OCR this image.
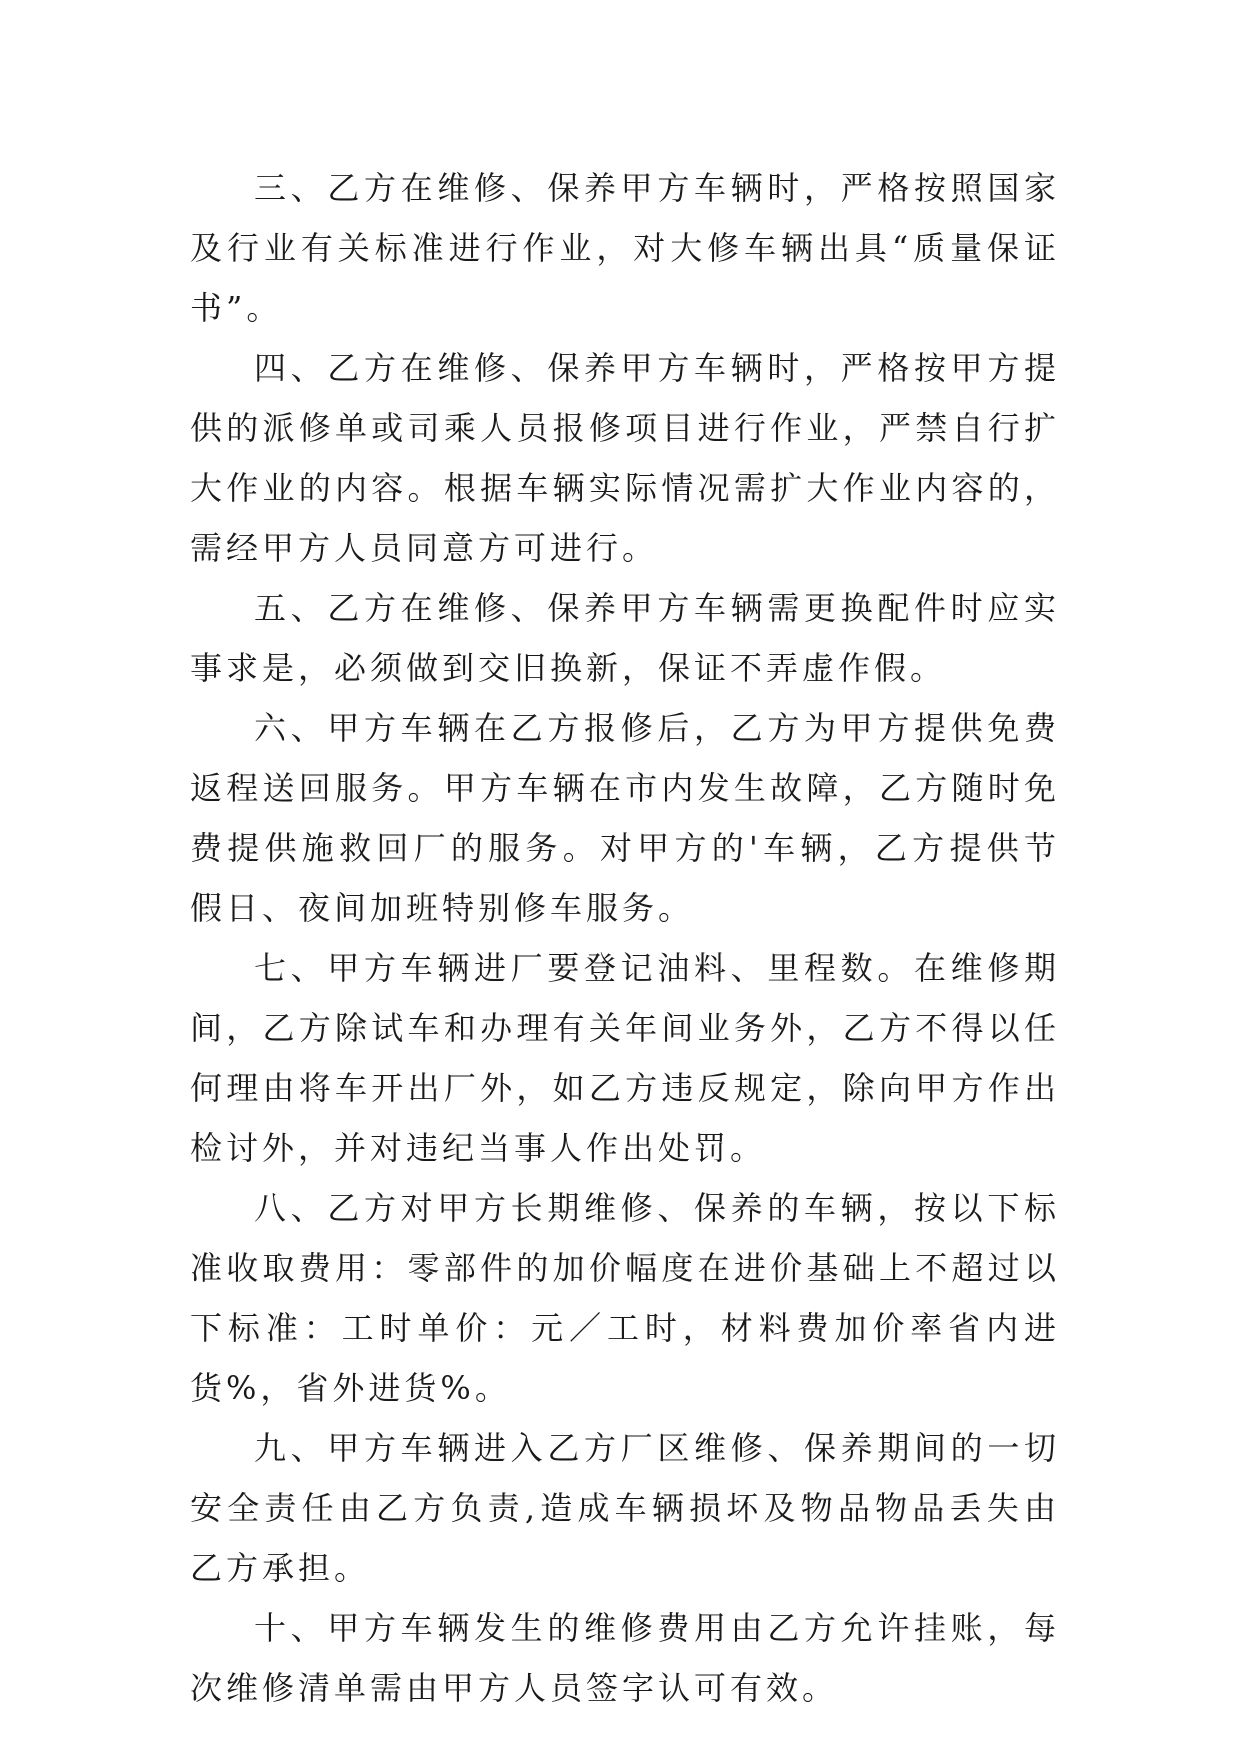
三、乙方在维修、保养甲方车辆时，严格按照国家及行业有关标准进行作业，对大修车辆出具“质量保证书”。

四、乙方在维修、保养甲方车辆时，严格按甲方提供的派修单或司乘人员报修项目进行作业，严禁自行扩大作业的内容。根据车辆实际情况需扩大作业内容的，需经甲方人员同意方可进行。

五、乙方在维修、保养甲方车辆需更换配件时应实事求是，必须做到交旧换新，保证不弄虚作假。

六、甲方车辆在乙方报修后，乙方为甲方提供免费返程送回服务。甲方车辆在市内发生故障，乙方随时免费提供施救回厂的服务。对甲方的'车辆，乙方提供节假日、夜间加班特别修车服务。

七、甲方车辆进厂要登记油料、里程数。在维修期间，乙方除试车和办理有关年间业务外，乙方不得以任何理由将车开出厂外，如乙方违反规定，除向甲方作出检讨外，并对违纪当事人作出处罚。

八、乙方对甲方长期维修、保养的车辆，按以下标准收取费用：零部件的加价幅度在进价基础上不超过以下标准：工时单价：元／工时，材料费加价率省内进货%，省外进货%。

九、甲方车辆进入乙方厂区维修、保养期间的一切安全责任由乙方负责,造成车辆损坏及物品物品丢失由乙方承担。

十、甲方车辆发生的维修费用由乙方允许挂账，每次维修清单需由甲方人员签字认可有效。
